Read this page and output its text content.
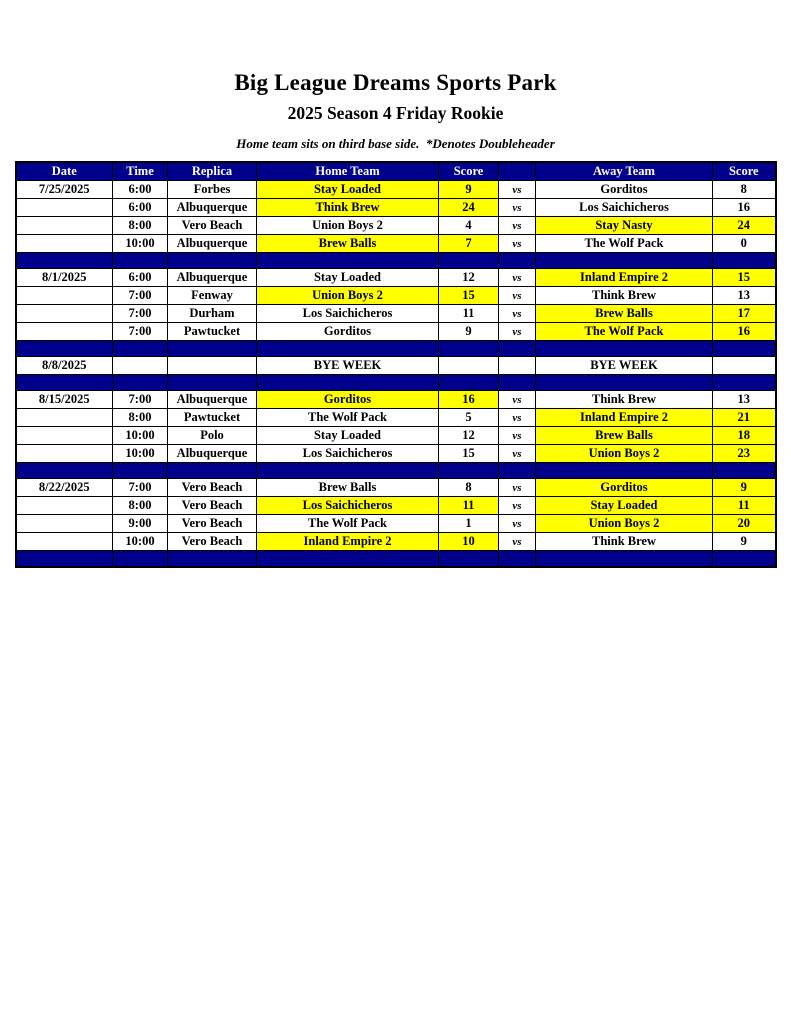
Big League Dreams Sports Park
2025 Season 4 Friday Rookie
Home team sits on third base side.  *Denotes Doubleheader
Date	Time	Replica	Home Team	Score		Away Team	Score
7/25/2025	6:00	Forbes	Stay Loaded	9	vs	Gorditos	8
	6:00	Albuquerque	Think Brew	24	vs	Los Saichicheros	16
	8:00	Vero Beach	Union Boys 2	4	vs	Stay Nasty	24
	10:00	Albuquerque	Brew Balls	7	vs	The Wolf Pack	0

8/1/2025	6:00	Albuquerque	Stay Loaded	12	vs	Inland Empire 2	15
	7:00	Fenway	Union Boys 2	15	vs	Think Brew	13
	7:00	Durham	Los Saichicheros	11	vs	Brew Balls	17
	7:00	Pawtucket	Gorditos	9	vs	The Wolf Pack	16

8/8/2025			BYE WEEK			BYE WEEK	

8/15/2025	7:00	Albuquerque	Gorditos	16	vs	Think Brew	13
	8:00	Pawtucket	The Wolf Pack	5	vs	Inland Empire 2	21
	10:00	Polo	Stay Loaded	12	vs	Brew Balls	18
	10:00	Albuquerque	Los Saichicheros	15	vs	Union Boys 2	23

8/22/2025	7:00	Vero Beach	Brew Balls	8	vs	Gorditos	9
	8:00	Vero Beach	Los Saichicheros	11	vs	Stay Loaded	11
	9:00	Vero Beach	The Wolf Pack	1	vs	Union Boys 2	20
	10:00	Vero Beach	Inland Empire 2	10	vs	Think Brew	9
